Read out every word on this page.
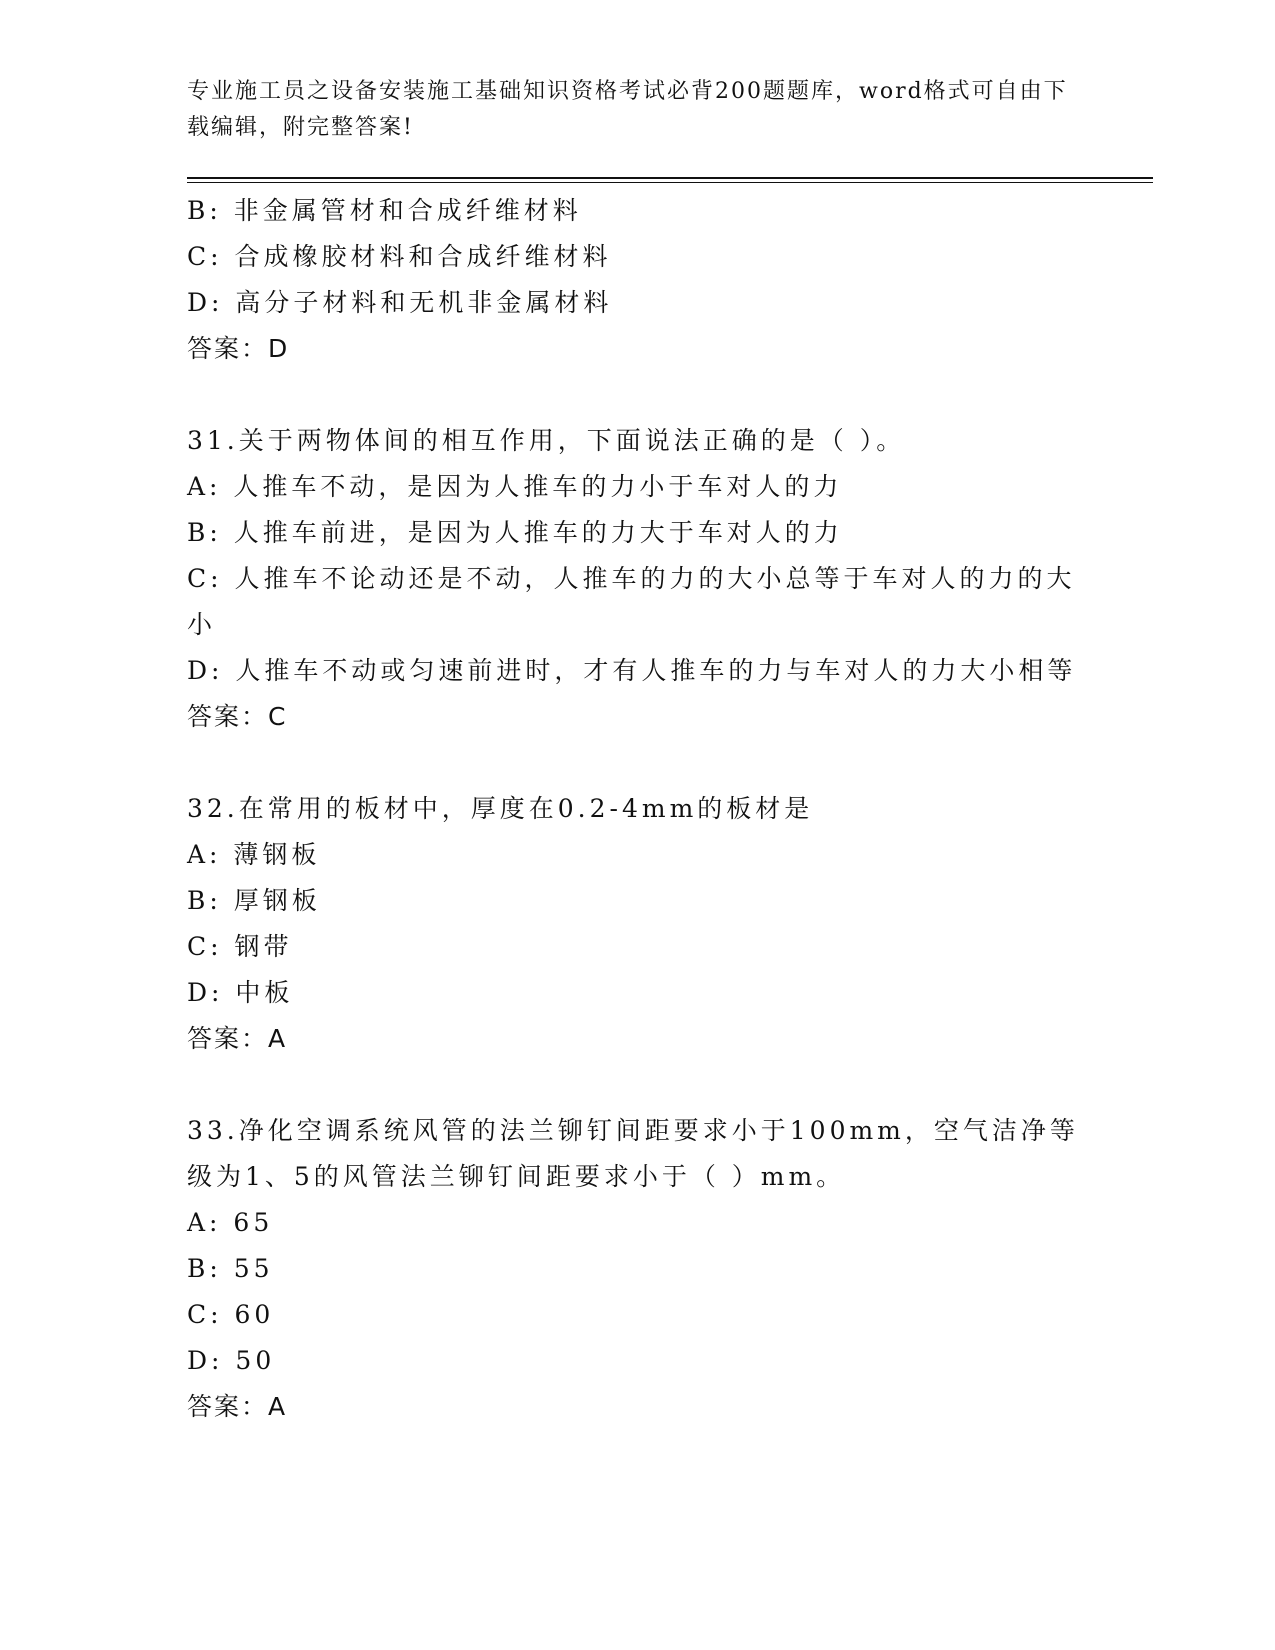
专业施工员之设备安装施工基础知识资格考试必背200题题库，word格式可自由下载编辑，附完整答案!
B: 非金属管材和合成纤维材料
C: 合成橡胶材料和合成纤维材料
D: 高分子材料和无机非金属材料
答案：D
31.关于两物体间的相互作用，下面说法正确的是（ ）。
A: 人推车不动，是因为人推车的力小于车对人的力
B: 人推车前进，是因为人推车的力大于车对人的力
C: 人推车不论动还是不动，人推车的力的大小总等于车对人的力的大小
D: 人推车不动或匀速前进时，才有人推车的力与车对人的力大小相等
答案：C
32.在常用的板材中，厚度在0.2-4mm的板材是
A: 薄钢板
B: 厚钢板
C: 钢带
D: 中板
答案：A
33.净化空调系统风管的法兰铆钉间距要求小于100mm，空气洁净等级为1、5的风管法兰铆钉间距要求小于（ ）mm。
A: 65
B: 55
C: 60
D: 50
答案：A
